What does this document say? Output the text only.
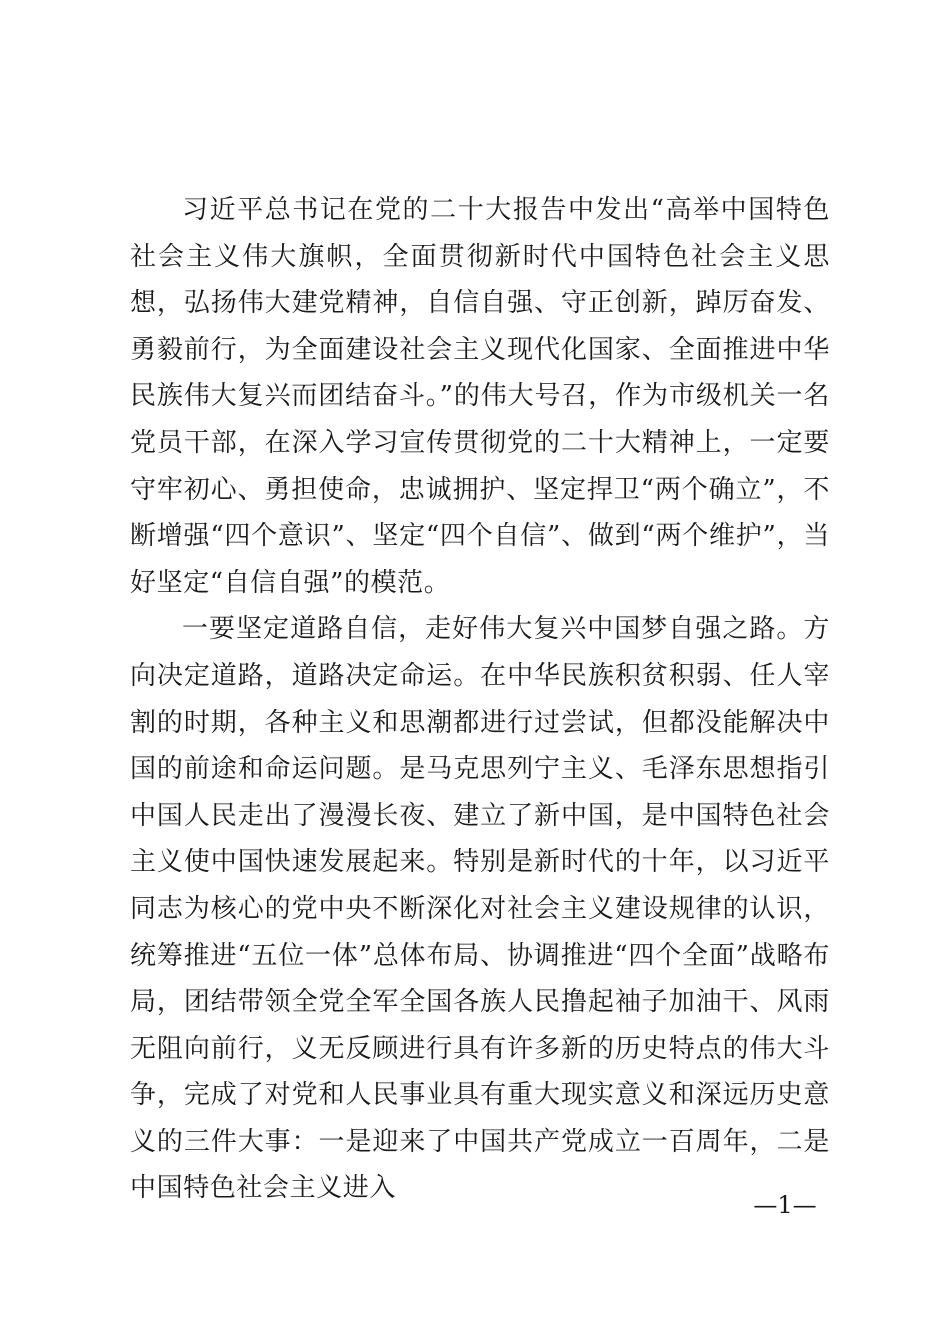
习近平总书记在党的二十大报告中发出“高举中国特色社会主义伟大旗帜，全面贯彻新时代中国特色社会主义思想，弘扬伟大建党精神，自信自强、守正创新，踔厉奋发、勇毅前行，为全面建设社会主义现代化国家、全面推进中华民族伟大复兴而团结奋斗。”的伟大号召，作为市级机关一名党员干部，在深入学习宣传贯彻党的二十大精神上，一定要守牢初心、勇担使命，忠诚拥护、坚定捍卫“两个确立”，不断增强“四个意识”、坚定“四个自信”、做到“两个维护”，当好坚定“自信自强”的模范。

一要坚定道路自信，走好伟大复兴中国梦自强之路。方向决定道路，道路决定命运。在中华民族积贫积弱、任人宰割的时期，各种主义和思潮都进行过尝试，但都没能解决中国的前途和命运问题。是马克思列宁主义、毛泽东思想指引中国人民走出了漫漫长夜、建立了新中国，是中国特色社会主义使中国快速发展起来。特别是新时代的十年，以习近平同志为核心的党中央不断深化对社会主义建设规律的认识，统筹推进“五位一体”总体布局、协调推进“四个全面”战略布局，团结带领全党全军全国各族人民撸起袖子加油干、风雨无阻向前行，义无反顾进行具有许多新的历史特点的伟大斗争，完成了对党和人民事业具有重大现实意义和深远历史意义的三件大事：一是迎来了中国共产党成立一百周年，二是中国特色社会主义进入

—1—
